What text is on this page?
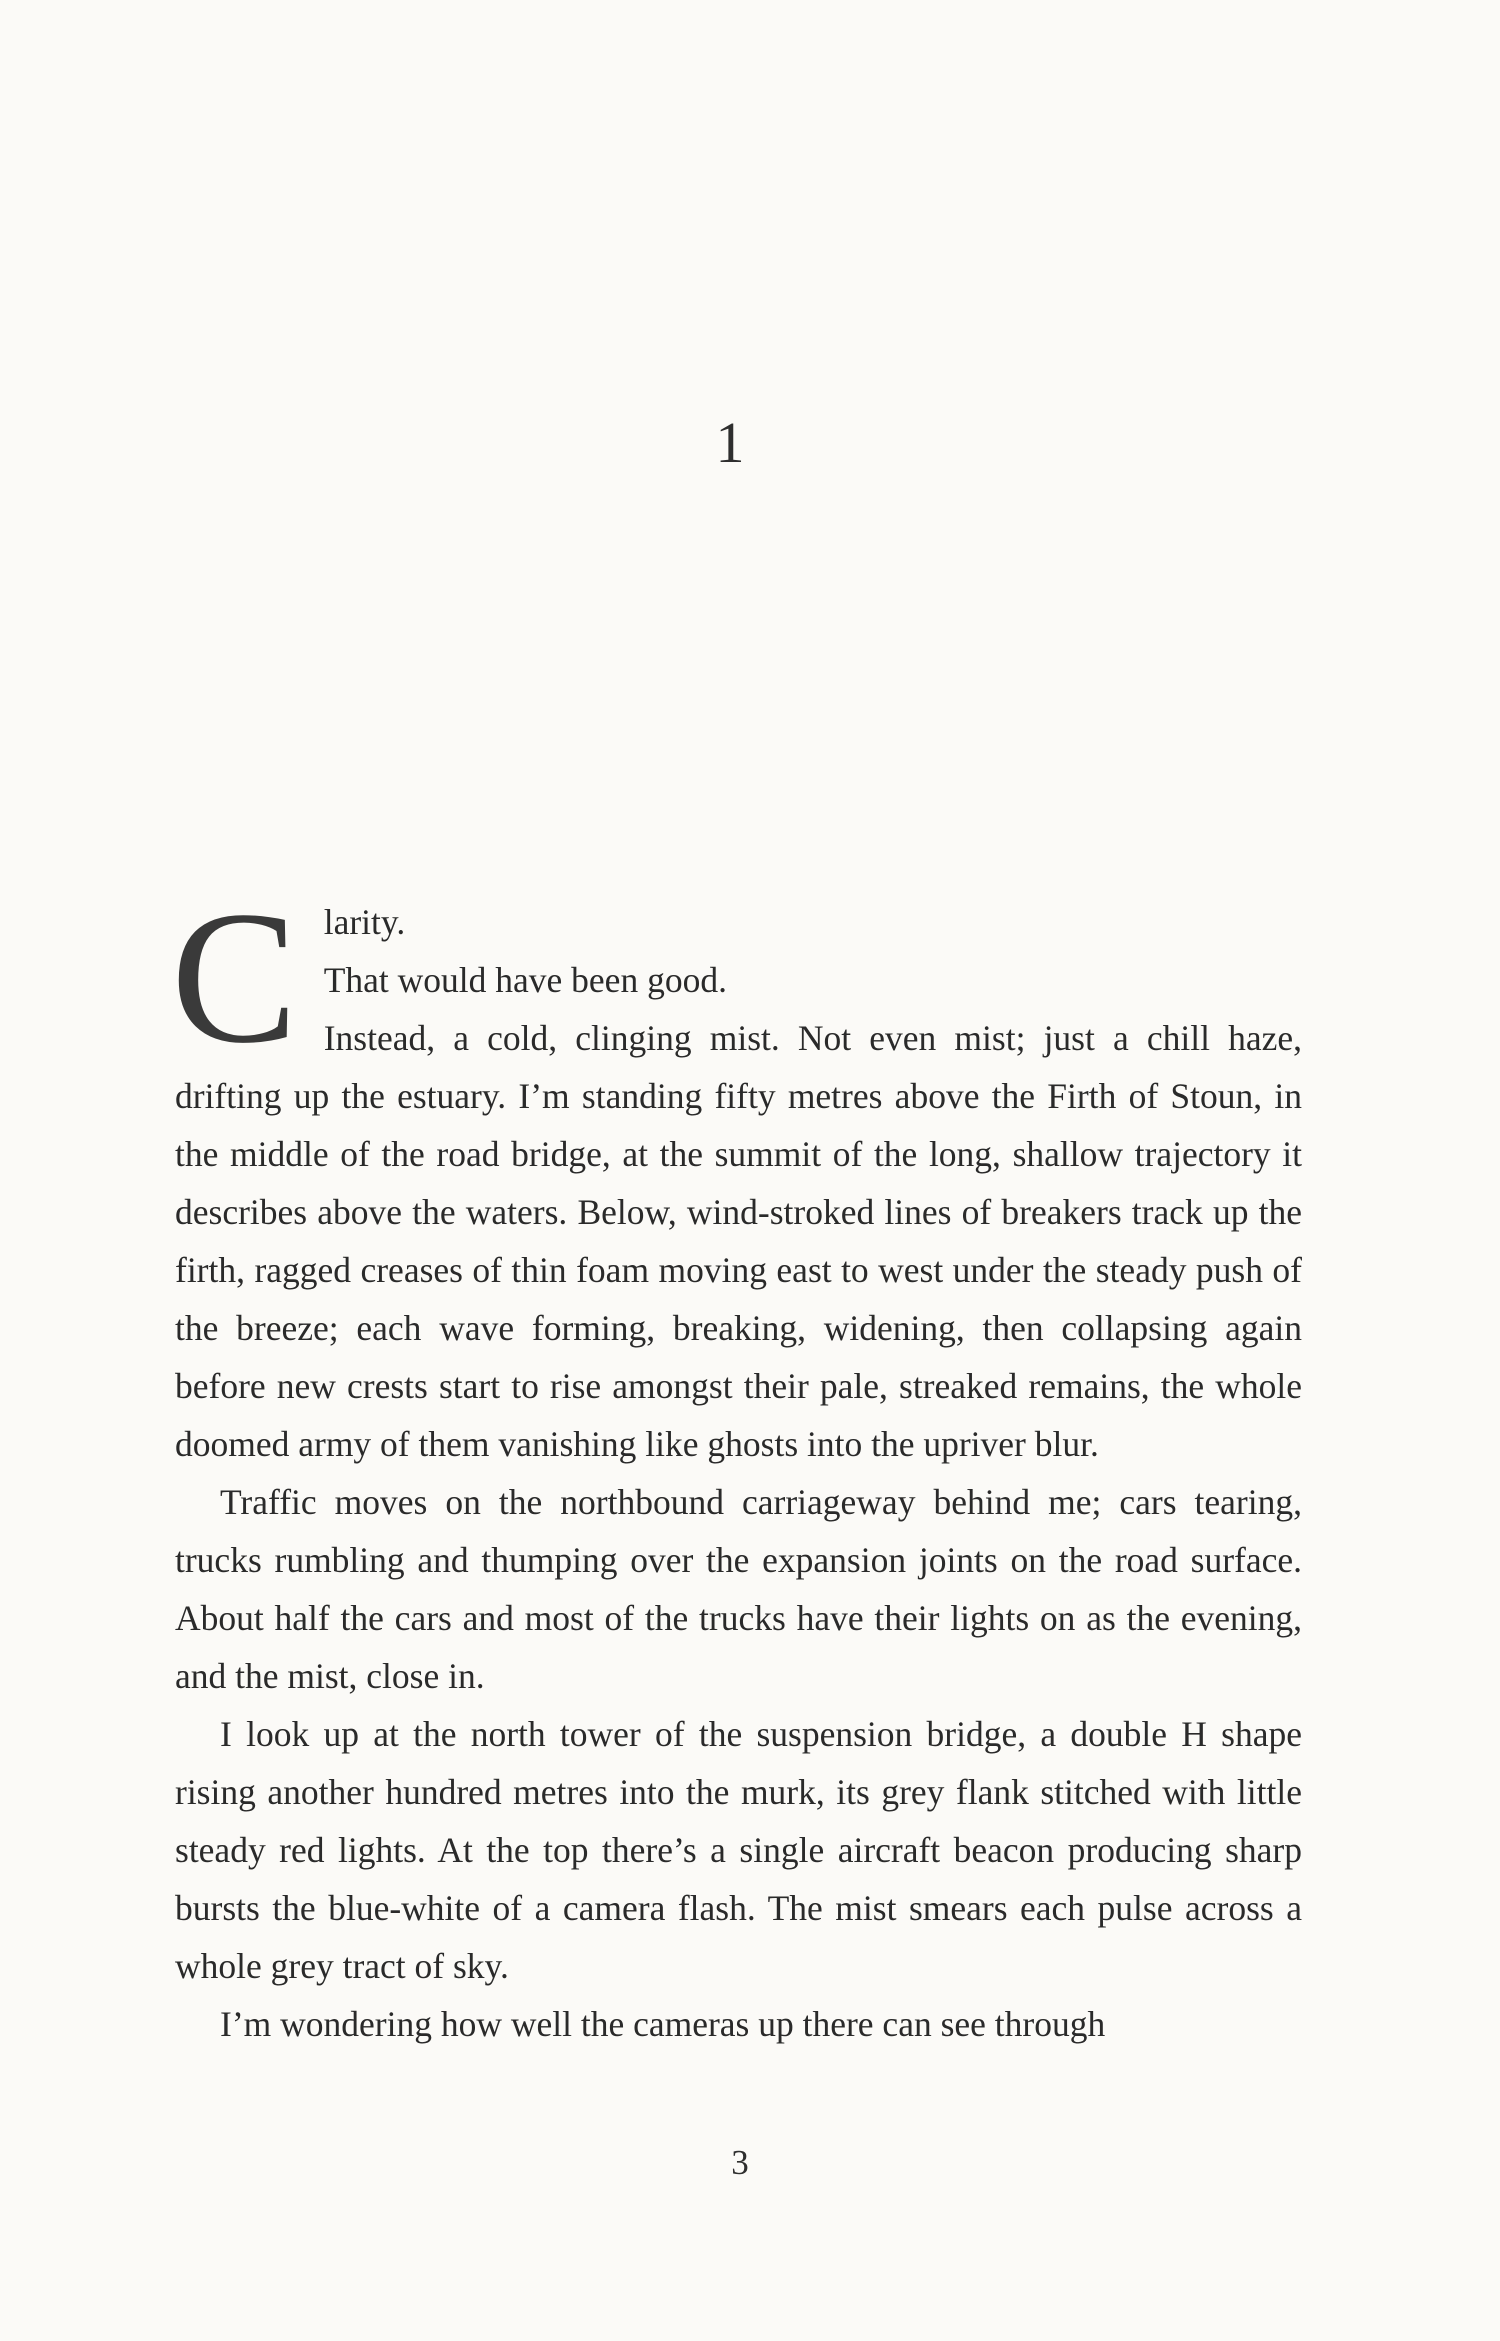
1
C larity.

That would have been good.

Instead, a cold, clinging mist. Not even mist; just a chill haze, drifting up the estuary. I’m standing fifty metres above the Firth of Stoun, in the middle of the road bridge, at the summit of the long, shallow trajectory it describes above the waters. Below, wind-stroked lines of breakers track up the firth, ragged creases of thin foam moving east to west under the steady push of the breeze; each wave forming, breaking, widening, then collapsing again before new crests start to rise amongst their pale, streaked remains, the whole doomed army of them vanishing like ghosts into the upriver blur.

Traffic moves on the northbound carriageway behind me; cars tearing, trucks rumbling and thumping over the expansion joints on the road surface. About half the cars and most of the trucks have their lights on as the evening, and the mist, close in.

I look up at the north tower of the suspension bridge, a double H shape rising another hundred metres into the murk, its grey flank stitched with little steady red lights. At the top there’s a single aircraft beacon producing sharp bursts the blue-white of a camera flash. The mist smears each pulse across a whole grey tract of sky.

I’m wondering how well the cameras up there can see through

3
